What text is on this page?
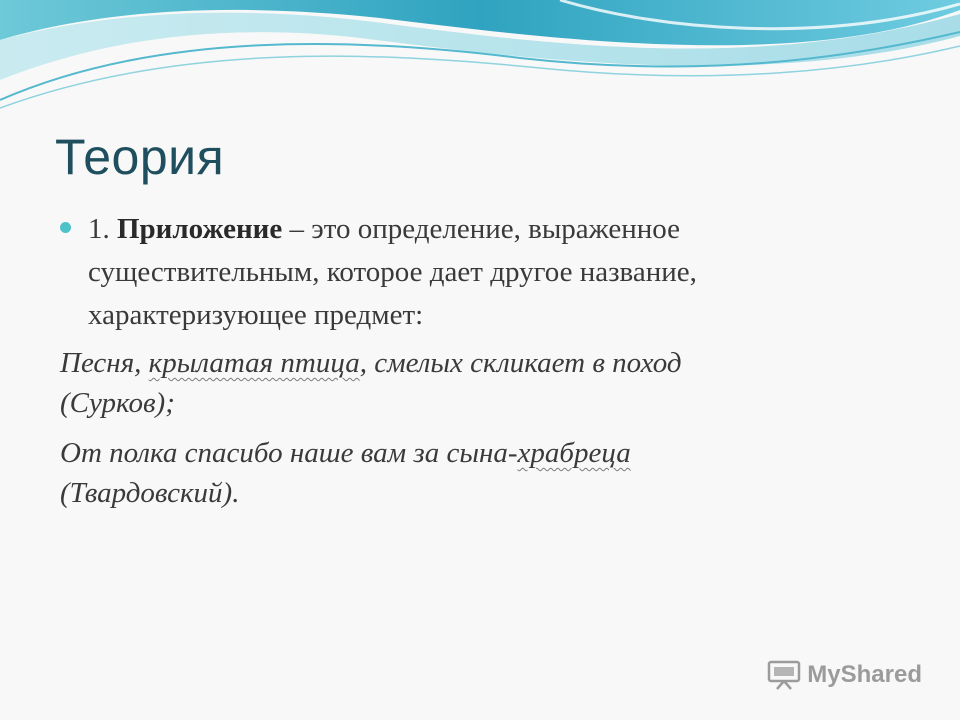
Теория

1. Приложение – это определение, выраженное
существительным, которое дает другое название,
характеризующее предмет:

Песня, крылатая птица, смелых скликает в поход
(Сурков);

От полка спасибо наше вам за сына-храбреца
(Твардовский).

MyShared
